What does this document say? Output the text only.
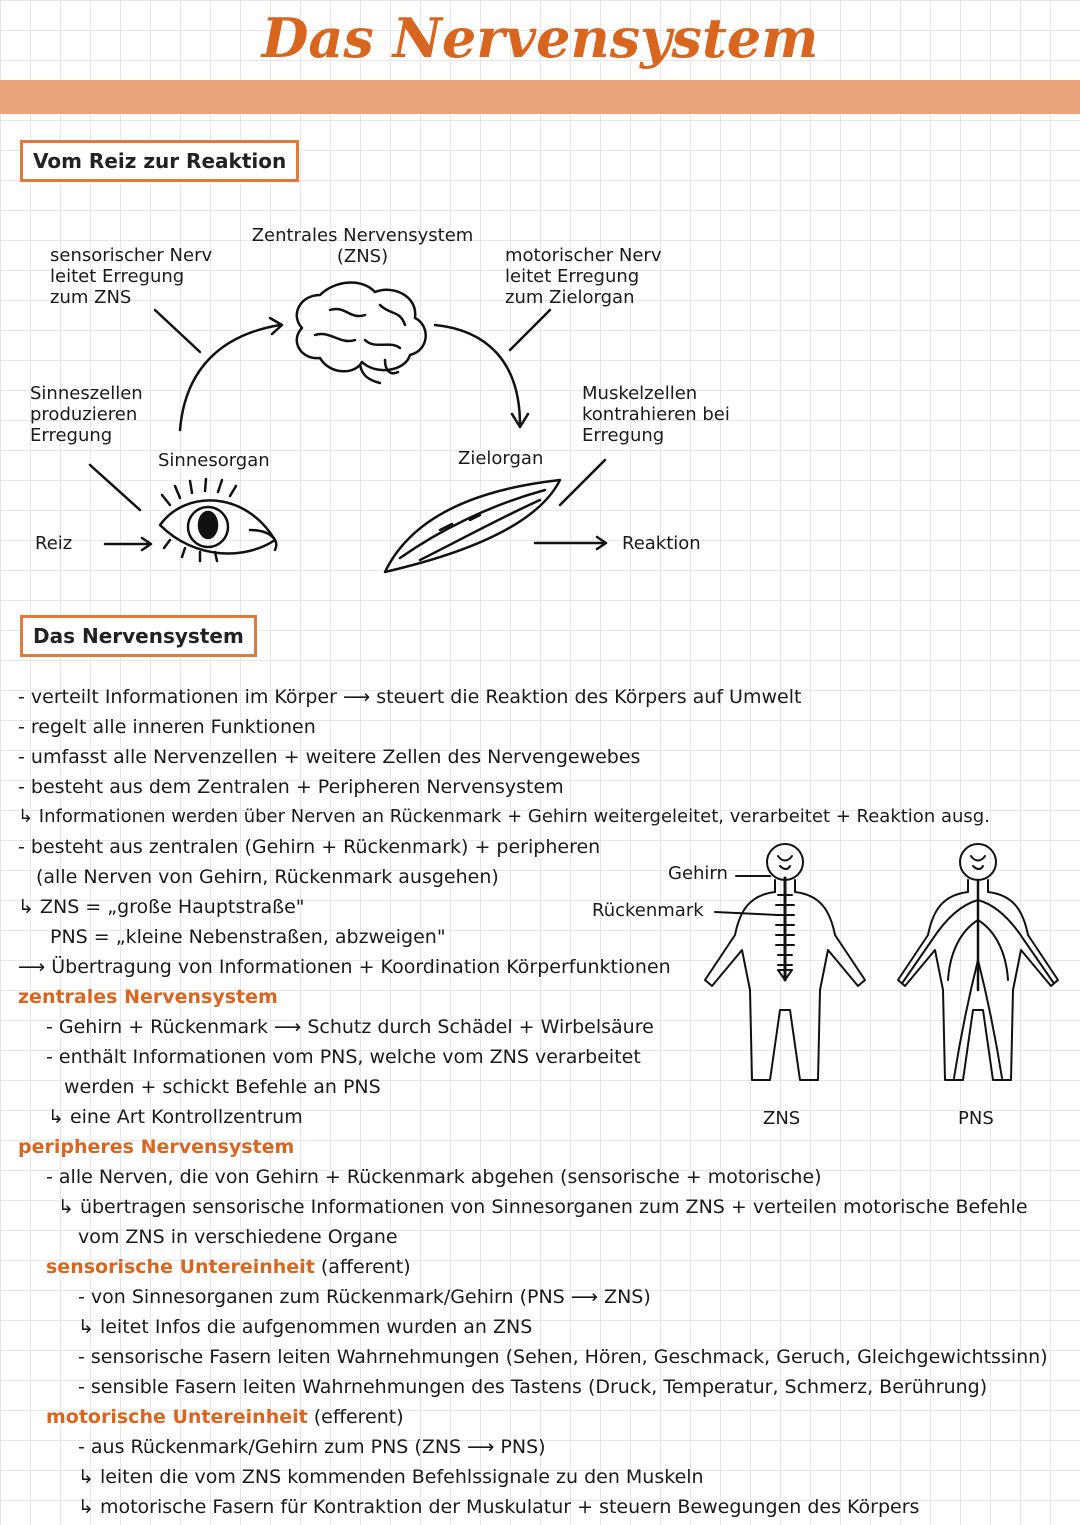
Das Nervensystem
Vom Reiz zur Reaktion
sensorischer Nerv
leitet Erregung
zum ZNS
Zentrales Nervensystem
(ZNS)	motorischer Nerv
leitet Erregung
zum Zielorgan
Sinneszellen
produzieren
Erregung
Sinnesorgan	Zielorgan
Muskelzellen
kontrahieren bei
Erregung
Reiz	Reaktion
Das Nervensystem
- verteilt Informationen im Körper ⟶ steuert die Reaktion des Körpers auf Umwelt
- regelt alle inneren Funktionen
- umfasst alle Nervenzellen + weitere Zellen des Nervengewebes
- besteht aus dem Zentralen + Peripheren Nervensystem
↳ Informationen werden über Nerven an Rückenmark + Gehirn weitergeleitet, verarbeitet + Reaktion ausg.
- besteht aus zentralen (Gehirn + Rückenmark) + peripheren
(alle Nerven von Gehirn, Rückenmark ausgehen)
↳ ZNS = „große Hauptstraße"
PNS = „kleine Nebenstraßen, abzweigen"
⟶ Übertragung von Informationen + Koordination Körperfunktionen
zentrales Nervensystem
- Gehirn + Rückenmark ⟶ Schutz durch Schädel + Wirbelsäure
- enthält Informationen vom PNS, welche vom ZNS verarbeitet
werden + schickt Befehle an PNS
↳ eine Art Kontrollzentrum
peripheres Nervensystem
- alle Nerven, die von Gehirn + Rückenmark abgehen (sensorische + motorische)
↳ übertragen sensorische Informationen von Sinnesorganen zum ZNS + verteilen motorische Befehle
vom ZNS in verschiedene Organe
sensorische Untereinheit (afferent)
- von Sinnesorganen zum Rückenmark/Gehirn (PNS ⟶ ZNS)
↳ leitet Infos die aufgenommen wurden an ZNS
- sensorische Fasern leiten Wahrnehmungen (Sehen, Hören, Geschmack, Geruch, Gleichgewichtssinn)
- sensible Fasern leiten Wahrnehmungen des Tastens (Druck, Temperatur, Schmerz, Berührung)
motorische Untereinheit (efferent)
- aus Rückenmark/Gehirn zum PNS (ZNS ⟶ PNS)
↳ leiten die vom ZNS kommenden Befehlssignale zu den Muskeln
↳ motorische Fasern für Kontraktion der Muskulatur + steuern Bewegungen des Körpers
Gehirn
Rückenmark
ZNS	PNS
